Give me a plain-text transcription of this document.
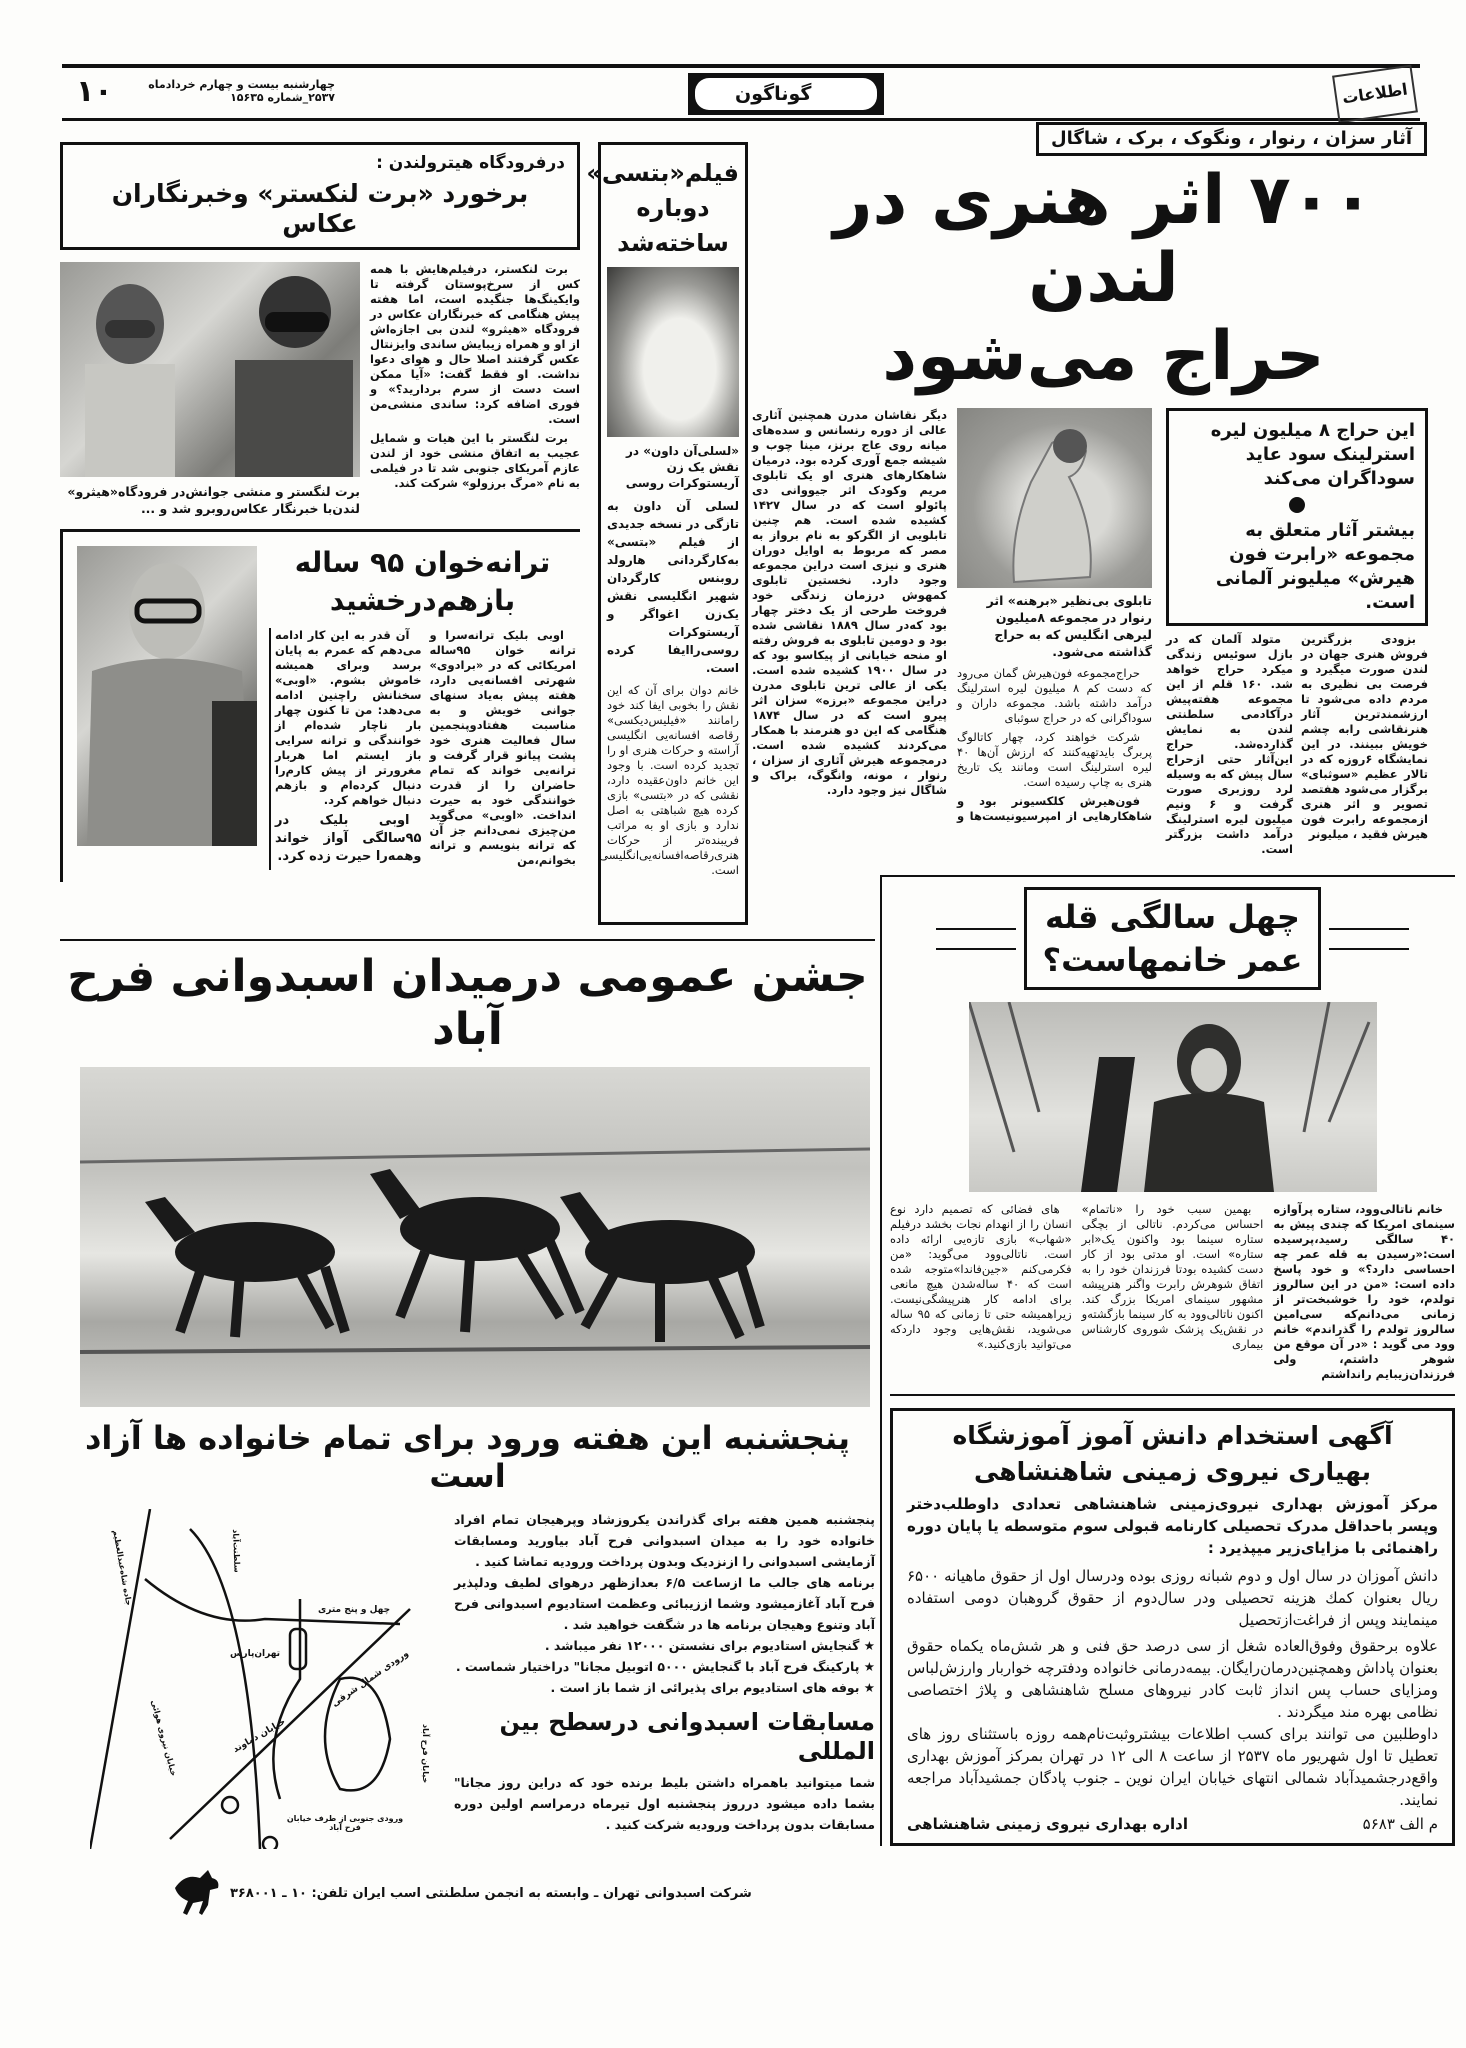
۱۰	چهارشنبه بیست و چهارم خردادماه
۲۵۳۷_شماره ۱۵۶۳۵	گوناگون	اطلاعات
درفرودگاه هیترولندن :
برخورد «برت لنکستر» وخبرنگاران عکاس
برت لنگستر و منشی جوانش‌در فرودگاه«هیثرو» لندن‌با خبرنگار عکاس‌روبرو شد و ...

برت لنکستر، درفیلم‌هایش با همه کس از سرخ‌پوستان گرفته تا وایکینگ‌ها جنگیده است، اما هفته پیش هنگامی که خبرنگاران عکاس در فرودگاه «هیثرو» لندن بی اجازه‌اش از او و همراه زیبایش ساندی وایزنتال عکس گرفتند اصلا حال و هوای دعوا نداشت. او فقط گفت: «آیا ممکن است دست از سرم بردارید؟» و فوری اضافه کرد: ساندی منشی‌من است.

برت لنگستر با این هیات و شمایل عجیب به اتفاق منشی خود از لندن عازم آمریکای جنوبی شد تا در فیلمی به نام «مرگ برزولو» شرکت کند.

ترانه‌خوان ۹۵ ساله
بازهم‌درخشید

اوبی بلیک ترانه‌سرا و ترانه خوان ۹۵ساله امریکائی که در «برادوی» شهرتی افسانه‌یی دارد، هفته پیش به‌یاد سنهای جوانی خویش و به مناسبت هفتادوپنجمین سال فعالیت هنری خود پشت پیانو قرار گرفت و ترانه‌یی خواند که تمام حاضران را از قدرت خوانندگی خود به حیرت انداخت. «اوبی» می‌گوید من‌چیزی نمی‌دانم جز آن که ترانه بنویسم و ترانه بخوانم،من

آن قدر به این کار ادامه می‌دهم که عمرم به پایان برسد وبرای همیشه خاموش بشوم. «اوبی» سخنانش راچنین ادامه می‌دهد: من تا کنون چهار بار ناچار شده‌ام از خوانندگی و ترانه سرایی باز ایستم اما هربار مغرورتر از پیش کارم‌را دنبال کرده‌ام و بازهم دنبال خواهم کرد.

اوبی بلیک در ۹۵سالگی آواز خواند وهمه‌را حیرت زده کرد.

فیلم«بتسی»
دوباره
ساخته‌شد
«لسلی‌آن داون» در نقش یک زن آریستوکرات روسی
لسلی آن داون به تازگی در نسخه جدیدی از فیلم «بتسی» به‌کارگردانی هارولد روبنس کارگردان شهیر انگلیسی نقش یک‌زن اغواگر و آریستوکرات روسی‌راایفا کرده است.
خانم دوان برای آن که این نقش را بخوبی ایفا کند خود رامانند «فیلیس‌دیکسی» رقاصه افسانه‌یی انگلیسی آراسته و حرکات هنری او را تجدید کرده است. با وجود این خانم داون‌عقیده دارد، نقشی که در «بتسی» بازی کرده هیچ شباهتی به اصل ندارد و بازی او به مراتب فریبنده‌تر از حرکات هنری‌رقاصه‌افسانه‌یی‌انگلیسی است.
جشن عمومی درمیدان اسبدوانی فرح آباد
پنجشنبه این هفته ورود برای تمام خانواده ها آزاد است
جاده شاه‌عبدالعظیم	سلطنت‌آباد
چهل و پنج متری
تهران‌پارس
خیابان دماوند
ورودی شمال شرقی
خیابان نیروی هوائی
ورودی جنوبی از طرف خیابان فرح آباد
خیابان فرح آباد

پنجشنبه همین هفته برای گذراندن یکروزشاد وپرهیجان تمام افراد خانواده خود را به میدان اسبدوانی فرح آباد بیاورید ومسابقات آزمایشی اسبدوانی را ازنزدیک وبدون پرداخت ورودیه تماشا کنید .

برنامه های جالب ما ازساعت ۶/۵ بعدازظهر درهوای لطیف ودلپذیر فرح آباد آغازمیشود وشما اززیبائی وعظمت استادیوم اسبدوانی فرح آباد وتنوع وهیجان برنامه ها در شگفت خواهید شد .

★ گنجایش استادیوم برای نشستن ۱۲۰۰۰ نفر میباشد .
★ پارکینگ فرح آباد با گنجایش ۵۰۰۰ اتوبیل مجانا" دراختیار شماست .
★ بوفه های استادیوم برای پذیرائی از شما باز است .
مسابقات اسبدوانی درسطح بین المللی

شما میتوانید باهمراه داشتن بلیط برنده خود که دراین روز مجانا" بشما داده میشود درروز پنجشنبه اول تیرماه درمراسم اولین دوره مسابقات بدون پرداخت ورودیه شرکت کنید .

شرکت اسبدوانی تهران ـ وابسته به انجمن سلطنتی اسب ایران تلفن: ۱۰ ـ ۳۶۸۰۰۱
آثار سزان ، رنوار ، ونگوک ، برک ، شاگال
۷۰۰ اثر هنری در لندن
حراج می‌شود
تابلوی بی‌نظیر «برهنه» اثر رنوار در مجموعه ۸میلیون لیرهی انگلیس که به حراج گذاشته می‌شود.

حراج‌مجموعه فون‌هیرش گمان می‌رود که دست کم ۸ میلیون لیره استرلینگ درآمد داشته باشد. مجموعه داران و سوداگرانی که در حراج سوثبای

شرکت خواهند کرد، چهار کاتالوگ پربرگ بایدتهیه‌کنند که ارزش آن‌ها ۴۰ لیره استرلینگ است ومانند یک تاریخ هنری به چاپ رسیده است.

فون‌هیرش کلکسیونر بود و شاهکارهایی از امپرسیونیست‌ها و دیگر نقاشان مدرن همچنین آثاری عالی از دوره رنسانس و سده‌های میانه روی عاج برنز، مینا چوب و شیشه جمع آوری کرده بود. درمیان شاهکارهای هنری او یک تابلوی مریم وکودک اثر جیووانی دی پائولو است که در سال ۱۴۲۷ کشیده شده است. هم چنین تابلویی از الگرکو به نام برواز به مصر که مربوط به اوایل دوران هنری و نیزی است دراین مجموعه وجود دارد. نخستین تابلوی کمهوش درزمان زندگی خود فروخت طرحی از یک دختر چهار بود که‌در سال ۱۸۸۹ نقاشی شده بود و دومین تابلوی به فروش رفته او منحه خیابانی از پیکاسو بود که در سال ۱۹۰۰ کشیده شده است. یکی از عالی ترین تابلوی مدرن دراین مجموعه «برزه» سزان اثر پیرو است که در سال ۱۸۷۴ هنگامی که این دو هنرمند با همکار می‌کردند کشیده شده است. درمجموعه هیرش آثاری از سزان ، رنوار ، مونه، وانگوگ، براک و شاگال نیز وجود دارد.

این حراج ۸ میلیون لیره استرلینک سود عاید سوداگران می‌کند
بیشتر آثار متعلق به مجموعه «رابرت فون هیرش» میلیونر آلمانی است.

بزودی بزرگترین فروش هنری جهان در لندن صورت میگیرد و فرصت بی نظیری به مردم داده می‌شود تا ارزشمندترین آثار هنرنقاشی رابه چشم خویش ببینند. در این نمایشگاه ۶روزه که در تالار عظیم «سوثبای» برگزار می‌شود هفتصد تصویر و اثر هنری ازمجموعه رابرت فون هیرش فقید ، میلیونر

متولد آلمان که در بازل سوئیس زندگی میکرد حراج خواهد شد. ۱۶۰ قلم از این مجموعه هفته‌پیش درآکادمی سلطنتی لندن به نمایش گذارده‌شد. حراج این‌آثار حتی ازحراج سال پیش که به وسیله لرد روزبری صورت گرفت و ۶ ونیم میلیون لیره استرلینگ درآمد داشت بزرگتر است.

چهل سالگی قله
عمر خانمهاست؟

خانم ناتالی‌وود، ستاره پرآوازه سینمای امریکا که چندی پیش به ۴۰ سالگی رسید،پرسیده است:«رسیدن به قله عمر چه احساسی دارد؟» و خود پاسخ داده است: «من در این سالروز تولدم، خود را خوشبخت‌تر از زمانی می‌دانم‌که سی‌امین سالروز تولدم را گذراندم» خانم وود می گوید : «در آن موقع من شوهر داشتم، ولی فرزندان‌زیبایم رانداشتم

بهمین سبب خود را «ناتمام» احساس می‌کردم. ناتالی از بچگی ستاره سینما بود واکنون یک«ابر ستاره» است. او مدتی بود از کار دست کشیده بودتا فرزندان خود را به اتفاق شوهرش رابرت واگنر هنرپیشه مشهور سینمای امریکا بزرگ کند. اکنون ناتالی‌وود به کار سینما بازگشته‌و در نقش‌یک پزشک شوروی کارشناس بیماری

های فضائی که تصمیم دارد نوع انسان را از انهدام نجات بخشد درفیلم «شهاب» بازی تازه‌یی ارائه داده است. ناتالی‌وود می‌گوید: «من فکرمی‌کنم «جین‌فاندا»متوجه شده است که ۴۰ ساله‌شدن هیچ مانعی برای ادامه کار هنرپیشگی‌نیست. زیراهمیشه حتی تا زمانی که ۹۵ ساله می‌شوید، نقش‌هایی وجود داردکه می‌توانید بازی‌کنید.»

آگهی استخدام دانش آموز آموزشگاه
بهیاری نیروی زمینی شاهنشاهی
مرکز آموزش بهداری نیروی‌زمینی شاهنشاهی تعدادی داوطلب‌دختر وپسر باحداقل مدرک تحصیلی کارنامه قبولی سوم متوسطه یا پایان دوره راهنمائی با مزایای‌زیر میپذیرد :
دانش آموزان در سال اول و دوم شبانه روزی بوده ودرسال اول از حقوق ماهیانه ۶۵۰۰ ریال بعنوان کمك هزینه تحصیلی ودر سال‌دوم از حقوق گروهبان دومی استفاده مینمایند وپس از فراغت‌ازتحصیل
علاوه برحقوق وفوق‌العاده شغل از سی درصد حق فنی و هر شش‌ماه یکماه حقوق بعنوان پاداش وهمچنین‌درمان‌رایگان. بیمه‌درمانی خانواده ودفترچه خواربار وارزش‌لباس ومزایای حساب پس انداز ثابت کادر نیروهای مسلح شاهنشاهی و پلاژ اختصاصی نظامی بهره مند میگردند .
داوطلبین می توانند برای کسب اطلاعات بیشتروثبت‌نام‌همه روزه باستثنای روز های تعطیل تا اول شهریور ماه ۲۵۳۷ از ساعت ۸ الی ۱۲ در تهران بمرکز آموزش بهداری واقع‌درجشمیدآباد شمالی انتهای خیابان ایران نوین ـ جنوب پادگان جمشیدآباد مراجعه نمایند.
م الف ۵۶۸۳
اداره بهداری نیروی زمینی شاهنشاهی
